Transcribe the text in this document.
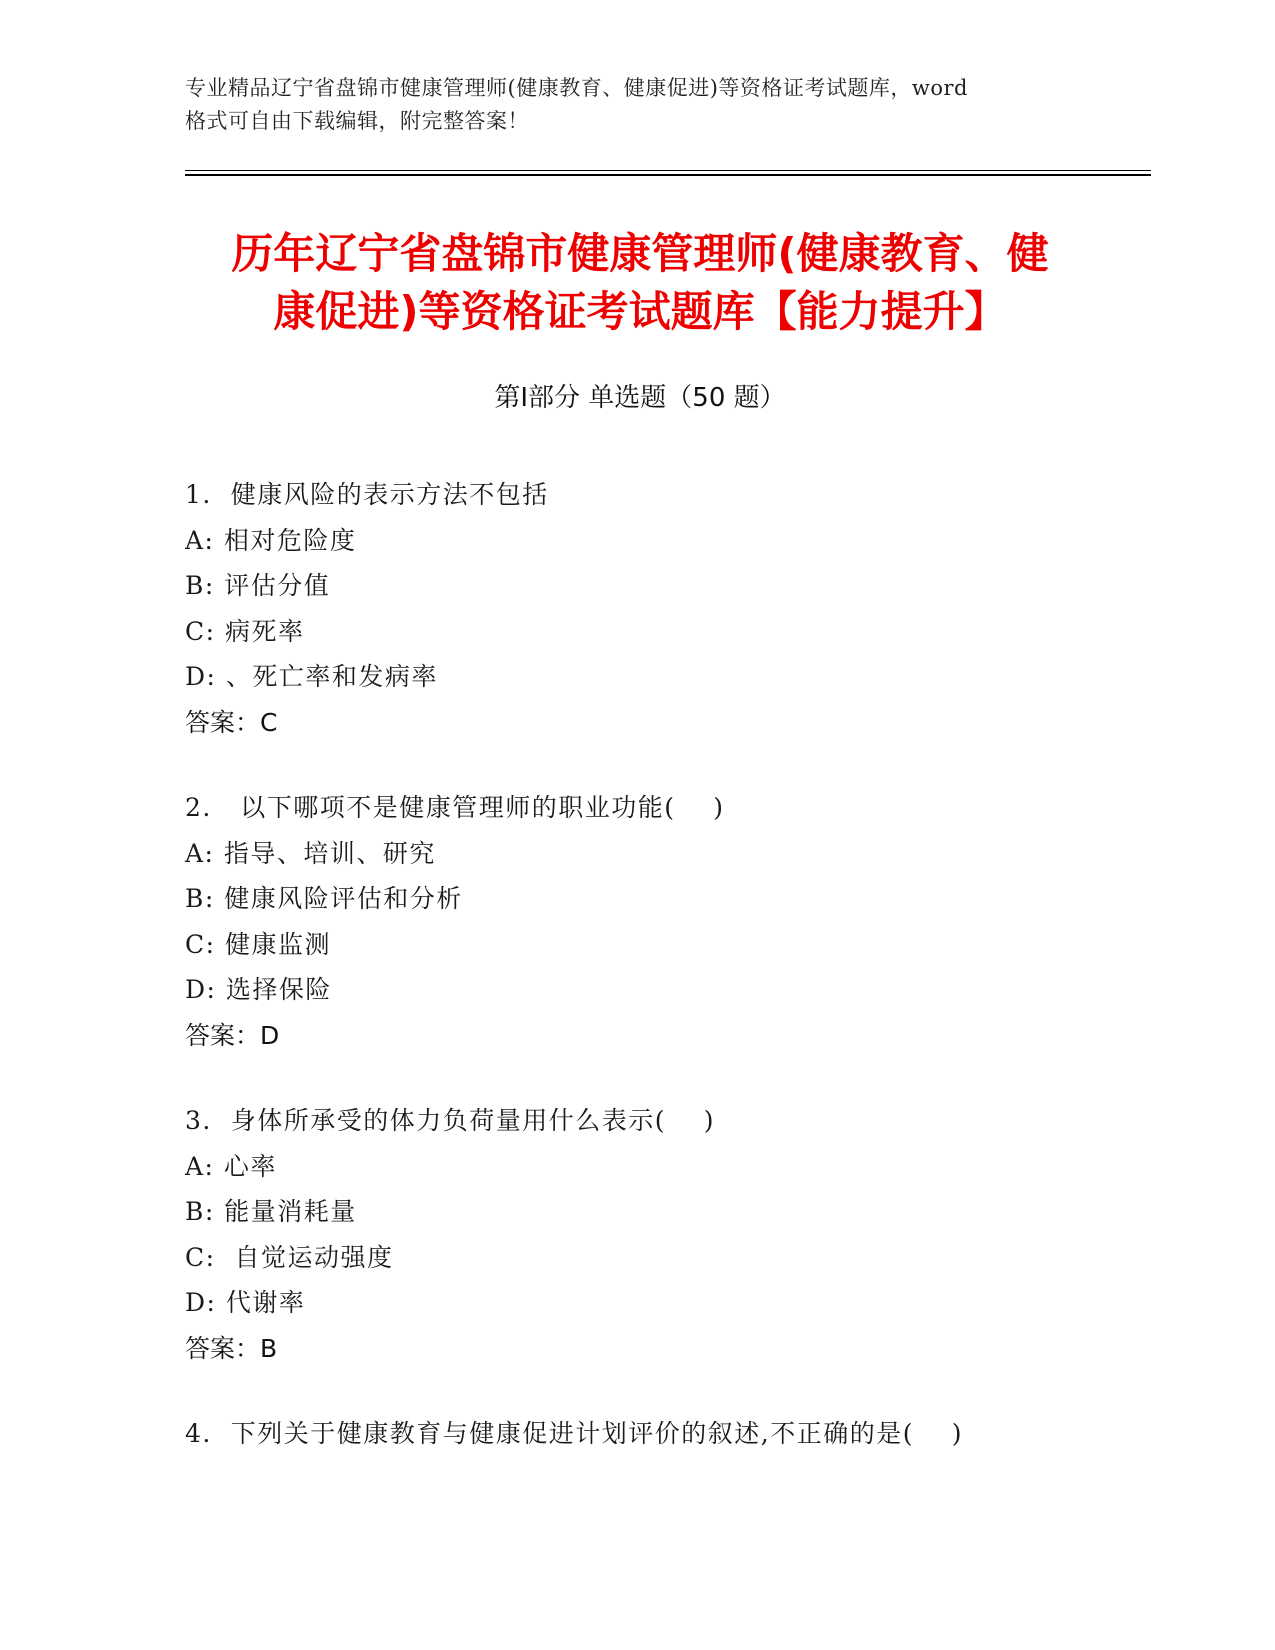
专业精品辽宁省盘锦市健康管理师(健康教育、健康促进)等资格证考试题库，word
格式可自由下载编辑，附完整答案！
历年辽宁省盘锦市健康管理师(健康教育、健
康促进)等资格证考试题库【能力提升】
第Ⅰ部分 单选题（50 题）
1.  健康风险的表示方法不包括
A: 相对危险度
B: 评估分值
C: 病死率
D: 、死亡率和发病率
答案：C
2.   以下哪项不是健康管理师的职业功能(    )
A: 指导、培训、研究
B: 健康风险评估和分析
C: 健康监测
D: 选择保险
答案：D
3.  身体所承受的体力负荷量用什么表示(    )
A: 心率
B: 能量消耗量
C:  自觉运动强度
D: 代谢率
答案：B
4.  下列关于健康教育与健康促进计划评价的叙述,不正确的是(    )
